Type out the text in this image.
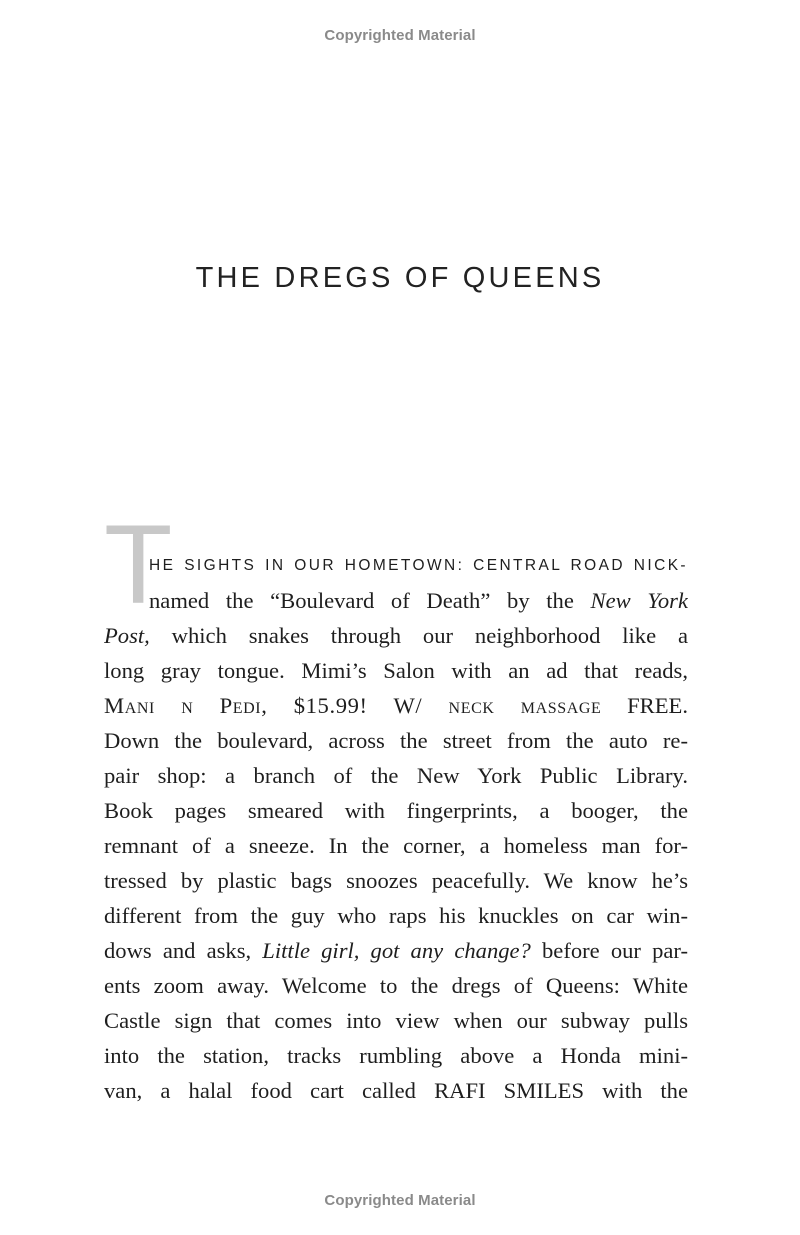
Copyrighted Material
THE DREGS OF QUEENS
T
HE SIGHTS IN OUR HOMETOWN: CENTRAL ROAD NICK-
named the “Boulevard of Death” by the New York
Post, which snakes through our neighborhood like a
long gray tongue. Mimi’s Salon with an ad that reads,
Mani n Pedi, $15.99! W/ neck massage FREE.
Down the boulevard, across the street from the auto re-
pair shop: a branch of the New York Public Library.
Book pages smeared with fingerprints, a booger, the
remnant of a sneeze. In the corner, a homeless man for-
tressed by plastic bags snoozes peacefully. We know he’s
different from the guy who raps his knuckles on car win-
dows and asks, Little girl, got any change? before our par-
ents zoom away. Welcome to the dregs of Queens: White
Castle sign that comes into view when our subway pulls
into the station, tracks rumbling above a Honda mini-
van, a halal food cart called RAFI SMILES with the
Copyrighted Material
